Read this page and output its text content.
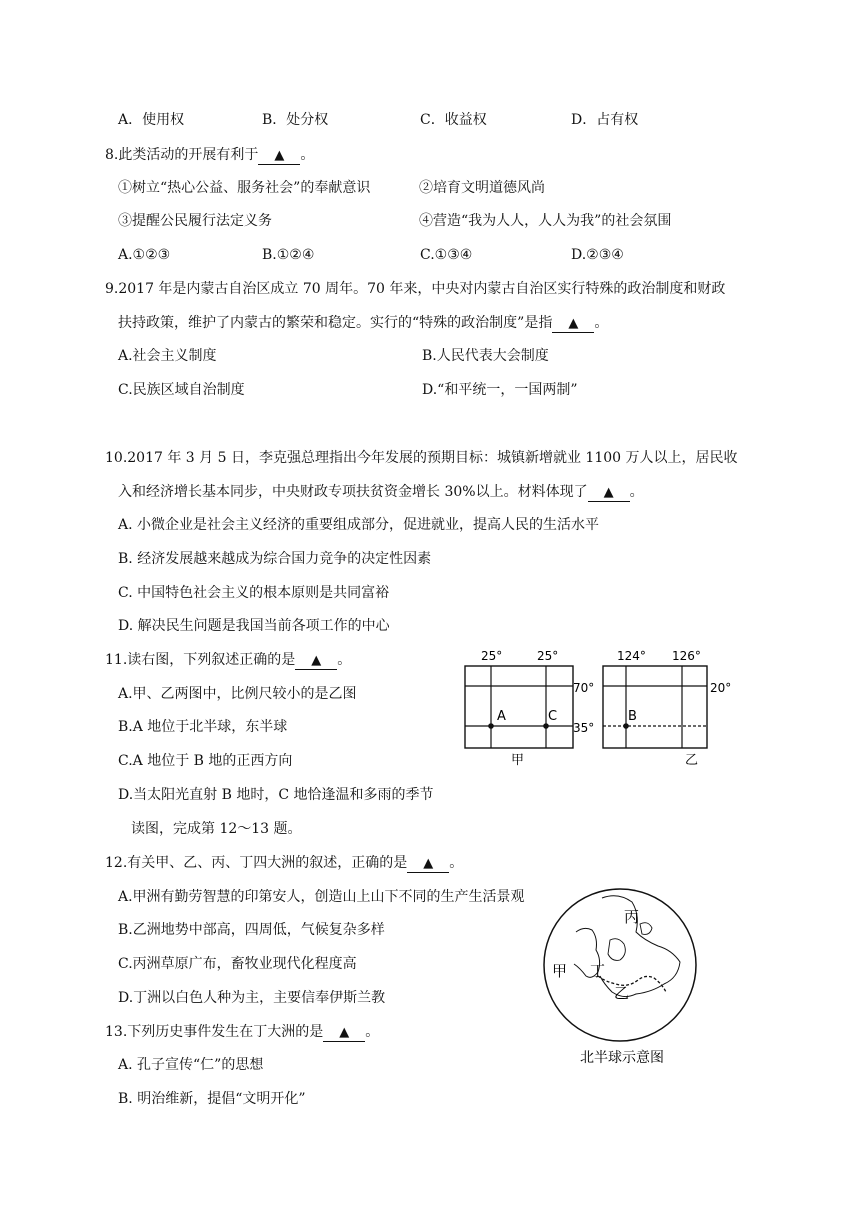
A．使用权	B．处分权	C．收益权	D．占有权
8.此类活动的开展有利于 ▲ 。
①树立“热心公益、服务社会”的奉献意识	②培育文明道德风尚
③提醒公民履行法定义务	④营造“我为人人，人人为我”的社会氛围
A.①②③	B.①②④	C.①③④	D.②③④
9.2017 年是内蒙古自治区成立 70 周年。70 年来，中央对内蒙古自治区实行特殊的政治制度和财政
扶持政策，维护了内蒙古的繁荣和稳定。实行的“特殊的政治制度”是指 ▲ 。
A.社会主义制度	B.人民代表大会制度
C.民族区域自治制度	D.“和平统一，一国两制”
10.2017 年 3 月 5 日，李克强总理指出今年发展的预期目标：城镇新增就业 1100 万人以上，居民收
入和经济增长基本同步，中央财政专项扶贫资金增长 30%以上。材料体现了 ▲ 。
A. 小微企业是社会主义经济的重要组成部分，促进就业，提高人民的生活水平
B. 经济发展越来越成为综合国力竞争的决定性因素
C. 中国特色社会主义的根本原则是共同富裕
D. 解决民生问题是我国当前各项工作的中心
11.读右图，下列叙述正确的是 ▲ 。
A.甲、乙两图中，比例尺较小的是乙图
B.A 地位于北半球，东半球
C.A 地位于 B 地的正西方向
D.当太阳光直射 B 地时，C 地恰逢温和多雨的季节
读图，完成第 12～13 题。
25°	25°
70°
35°
A	C
甲
124° 126°
20°
B
乙
12.有关甲、乙、丙、丁四大洲的叙述，正确的是 ▲ 。
A.甲洲有勤劳智慧的印第安人，创造山上山下不同的生产生活景观
B.乙洲地势中部高，四周低，气候复杂多样
C.丙洲草原广布，畜牧业现代化程度高
D.丁洲以白色人种为主，主要信奉伊斯兰教
丙
甲 丁
乙
北半球示意图
13.下列历史事件发生在丁大洲的是 ▲ 。
A. 孔子宣传“仁”的思想
B. 明治维新，提倡“文明开化”
